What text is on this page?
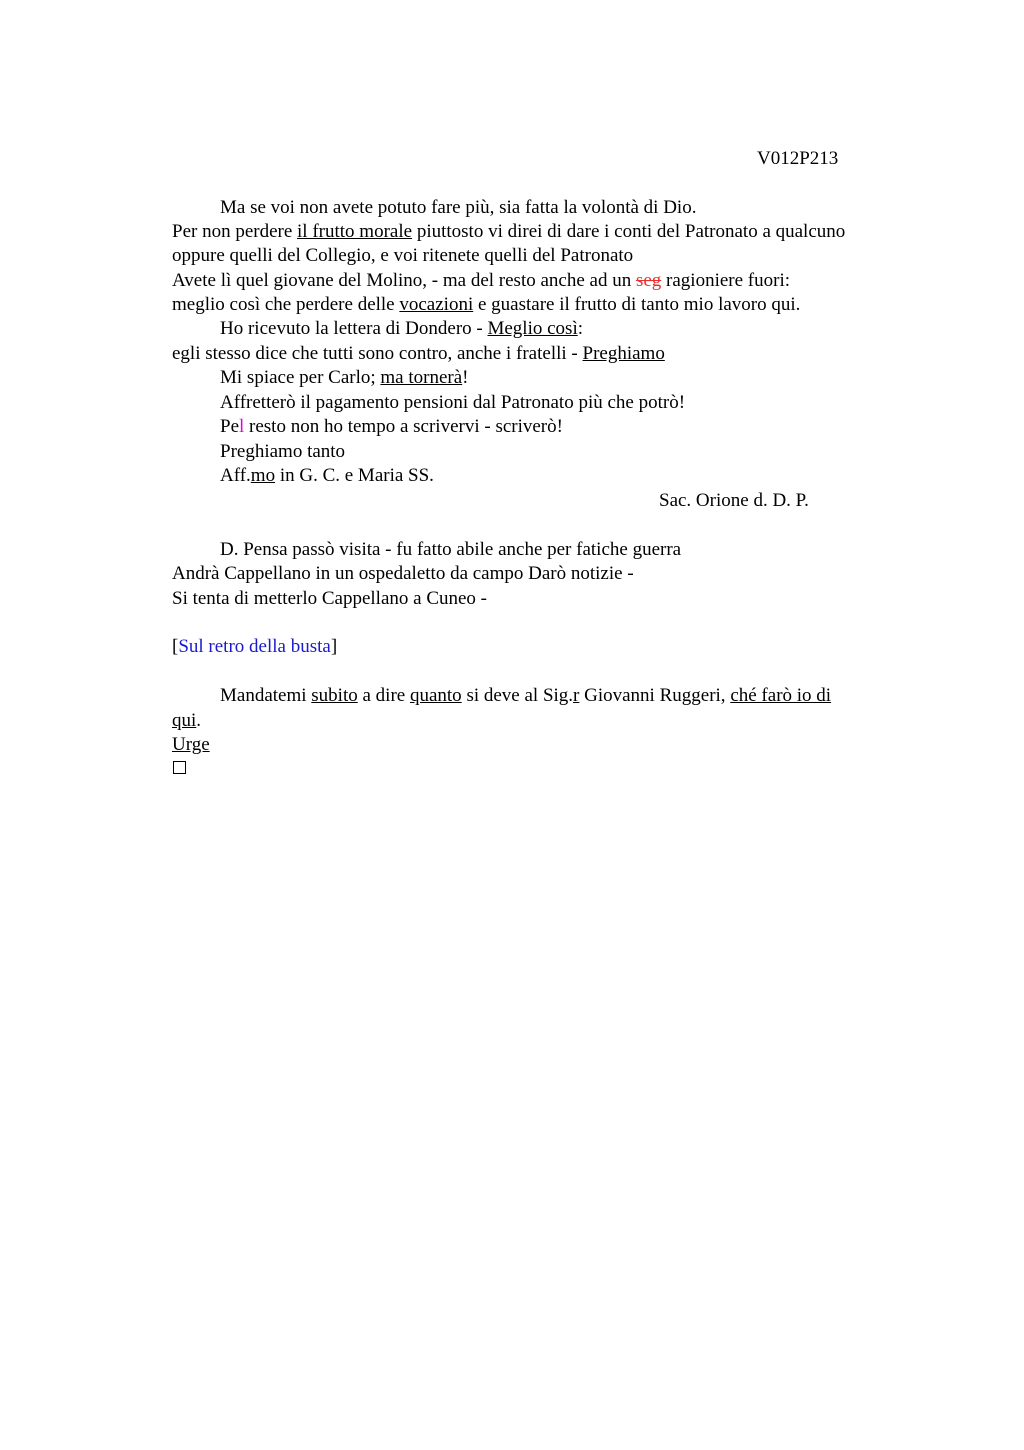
V012P213
Ma se voi non avete potuto fare più, sia fatta la volontà di Dio.
Per non perdere il frutto morale piuttosto vi direi di dare i conti del Patronato a qualcuno
oppure quelli del Collegio, e voi ritenete quelli del Patronato
Avete lì quel giovane del Molino, - ma del resto anche ad un seg ragioniere fuori:
meglio così che perdere delle vocazioni e guastare il frutto di tanto mio lavoro qui.
Ho ricevuto la lettera di Dondero - Meglio così:
egli stesso dice che tutti sono contro, anche i fratelli - Preghiamo
Mi spiace per Carlo; ma tornerà!
Affretterò il pagamento pensioni dal Patronato più che potrò!
Pel resto non ho tempo a scrivervi - scriverò!
Preghiamo tanto
Aff.mo in G. C. e Maria SS.
Sac. Orione d. D. P.
D. Pensa passò visita - fu fatto abile anche per fatiche guerra
Andrà Cappellano in un ospedaletto da campo Darò notizie -
Si tenta di metterlo Cappellano a Cuneo -
[Sul retro della busta]
Mandatemi subito a dire quanto si deve al Sig.r Giovanni Ruggeri, ché farò io di
qui.
Urge
